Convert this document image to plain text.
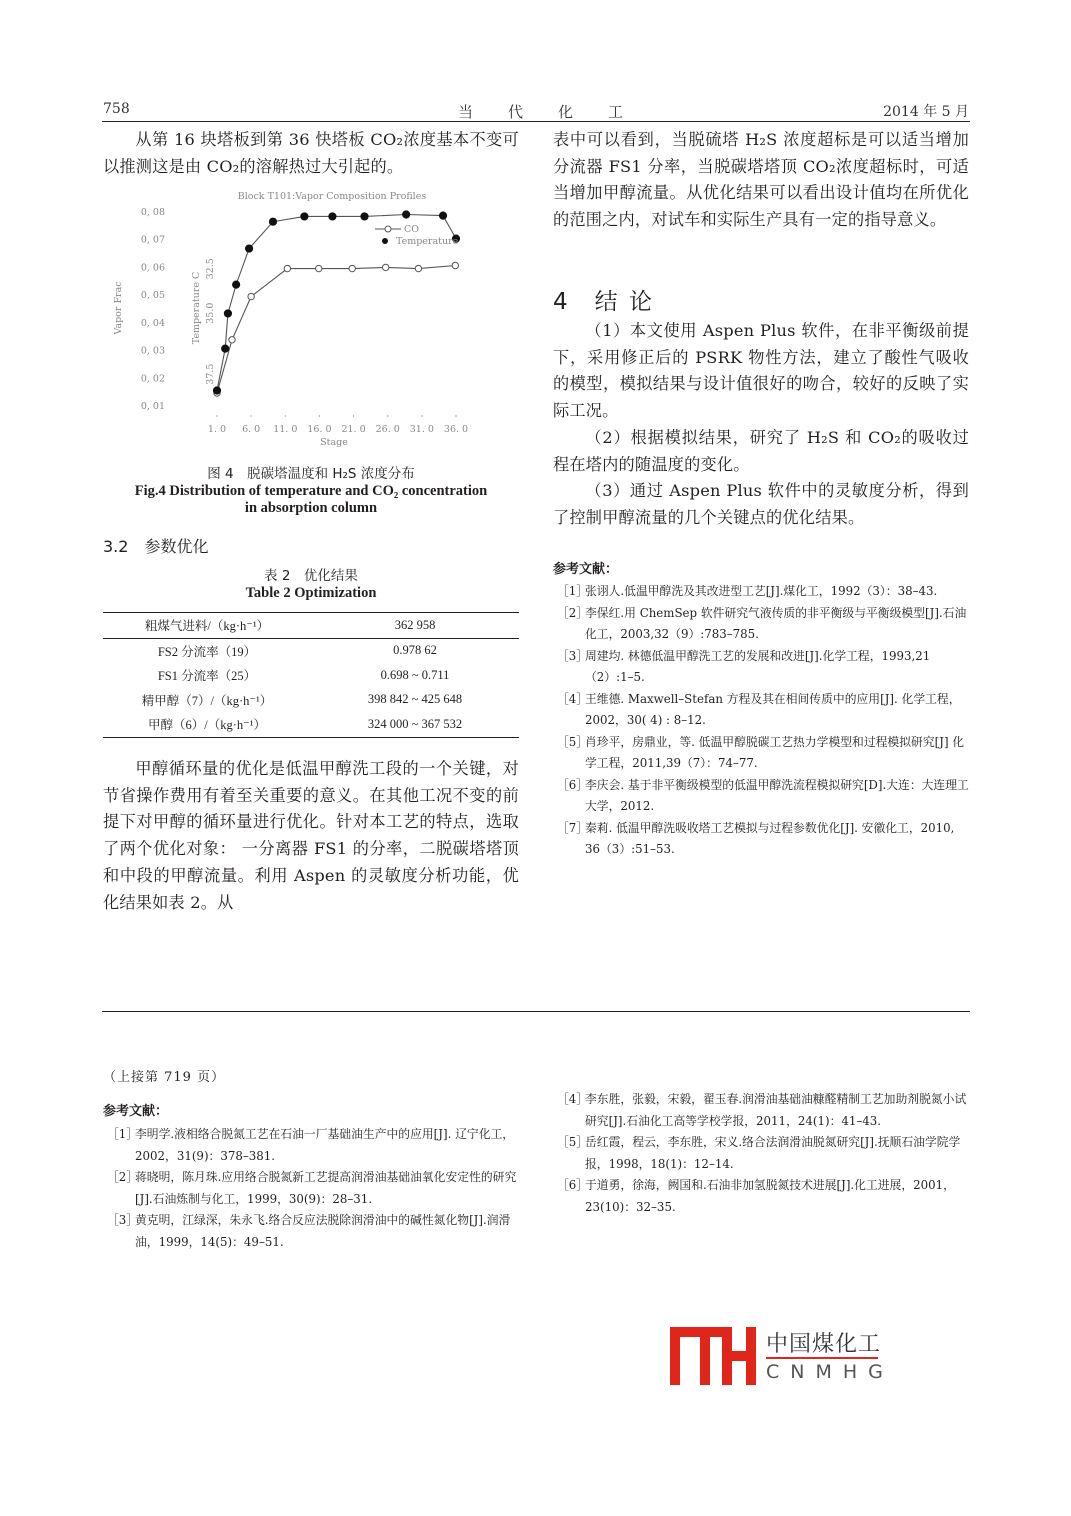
758	当　代　化　工	2014 年 5 月

从第 16 块塔板到第 36 快塔板 CO₂浓度基本不变可以推测这是由 CO₂的溶解热过大引起的。

Block T101:Vapor Composition Profiles
0, 08
0, 07
0, 06
0, 05
0, 04
0, 03
0, 02
0, 01
32.5
35.0
37.5
1. 0 6. 0 11. 0 16. 0 21. 0 26. 0 31. 0 36. 0
Stage
Vapor Frac	Temperature C
CO
Temperature
图 4　脱碳塔温度和 H₂S 浓度分布
Fig.4 Distribution of temperature and CO₂ concentration
in absorption column
3.2　参数优化
表 2　优化结果
Table 2 Optimization
粗煤气进料/（kg·h⁻¹）	362 958
FS2 分流率（19）	0.978 62
FS1 分流率（25）	0.698 ~ 0.711
精甲醇（7）/（kg·h⁻¹）	398 842 ~ 425 648
甲醇（6）/（kg·h⁻¹）	324 000 ~ 367 532

甲醇循环量的优化是低温甲醇洗工段的一个关键，对节省操作费用有着至关重要的意义。在其他工况不变的前提下对甲醇的循环量进行优化。针对本工艺的特点，选取了两个优化对象： 一分离器 FS1 的分率，二脱碳塔塔顶和中段的甲醇流量。利用 Aspen 的灵敏度分析功能，优化结果如表 2。从

表中可以看到，当脱硫塔 H₂S 浓度超标是可以适当增加分流器 FS1 分率，当脱碳塔塔顶 CO₂浓度超标时，可适当增加甲醇流量。从优化结果可以看出设计值均在所优化的范围之内，对试车和实际生产具有一定的指导意义。

4　结 论

（1）本文使用 Aspen Plus 软件，在非平衡级前提下，采用修正后的 PSRK 物性方法，建立了酸性气吸收的模型，模拟结果与设计值很好的吻合，较好的反映了实际工况。

（2）根据模拟结果，研究了 H₂S 和 CO₂的吸收过程在塔内的随温度的变化。

（3）通过 Aspen Plus 软件中的灵敏度分析，得到了控制甲醇流量的几个关键点的优化结果。

参考文献：
［1］
张诩人.低温甲醇洗及其改进型工艺[J].煤化工，1992（3）：38–43.
［2］
李保红.用 ChemSep 软件研究气液传质的非平衡级与平衡级模型[J].石油化工，2003,32（9）:783–785.
［3］
周建均. 林德低温甲醇洗工艺的发展和改进[J].化学工程，1993,21（2）:1–5.
［4］
王维德. Maxwell–Stefan 方程及其在相间传质中的应用[J]. 化学工程， 2002，30( 4) : 8–12.
［5］
肖珍平，房鼎业，等. 低温甲醇脱碳工艺热力学模型和过程模拟研究[J] 化学工程，2011,39（7）：74–77.
［6］
李庆会. 基于非平衡级模型的低温甲醇洗流程模拟研究[D].大连：大连理工大学，2012.
［7］
秦莉. 低温甲醇洗吸收塔工艺模拟与过程参数优化[J]. 安徽化工，2010, 36（3）:51–53.
（上接第 719 页）
参考文献：
［1］
李明学.液相络合脱氮工艺在石油一厂基础油生产中的应用[J]. 辽宁化工，2002，31(9)：378–381.
［2］
蒋晓明，陈月珠.应用络合脱氮新工艺提高润滑油基础油氧化安定性的研究[J].石油炼制与化工，1999，30(9)：28–31.
［3］
黄克明，江绿深，朱永飞.络合反应法脱除润滑油中的碱性氮化物[J].润滑油，1999，14(5)：49–51.
［4］
李东胜，张毅，宋毅，翟玉春.润滑油基础油糠醛精制工艺加助剂脱氮小试研究[J].石油化工高等学校学报，2011，24(1)：41–43.
［5］
岳红霞，程云，李东胜，宋义.络合法润滑油脱氮研究[J].抚顺石油学院学报，1998，18(1)：12–14.
［6］
于道勇，徐海，阙国和.石油非加氢脱氮技术进展[J].化工进展，2001，23(10)：32–35.
中国煤化工
CNMHG
